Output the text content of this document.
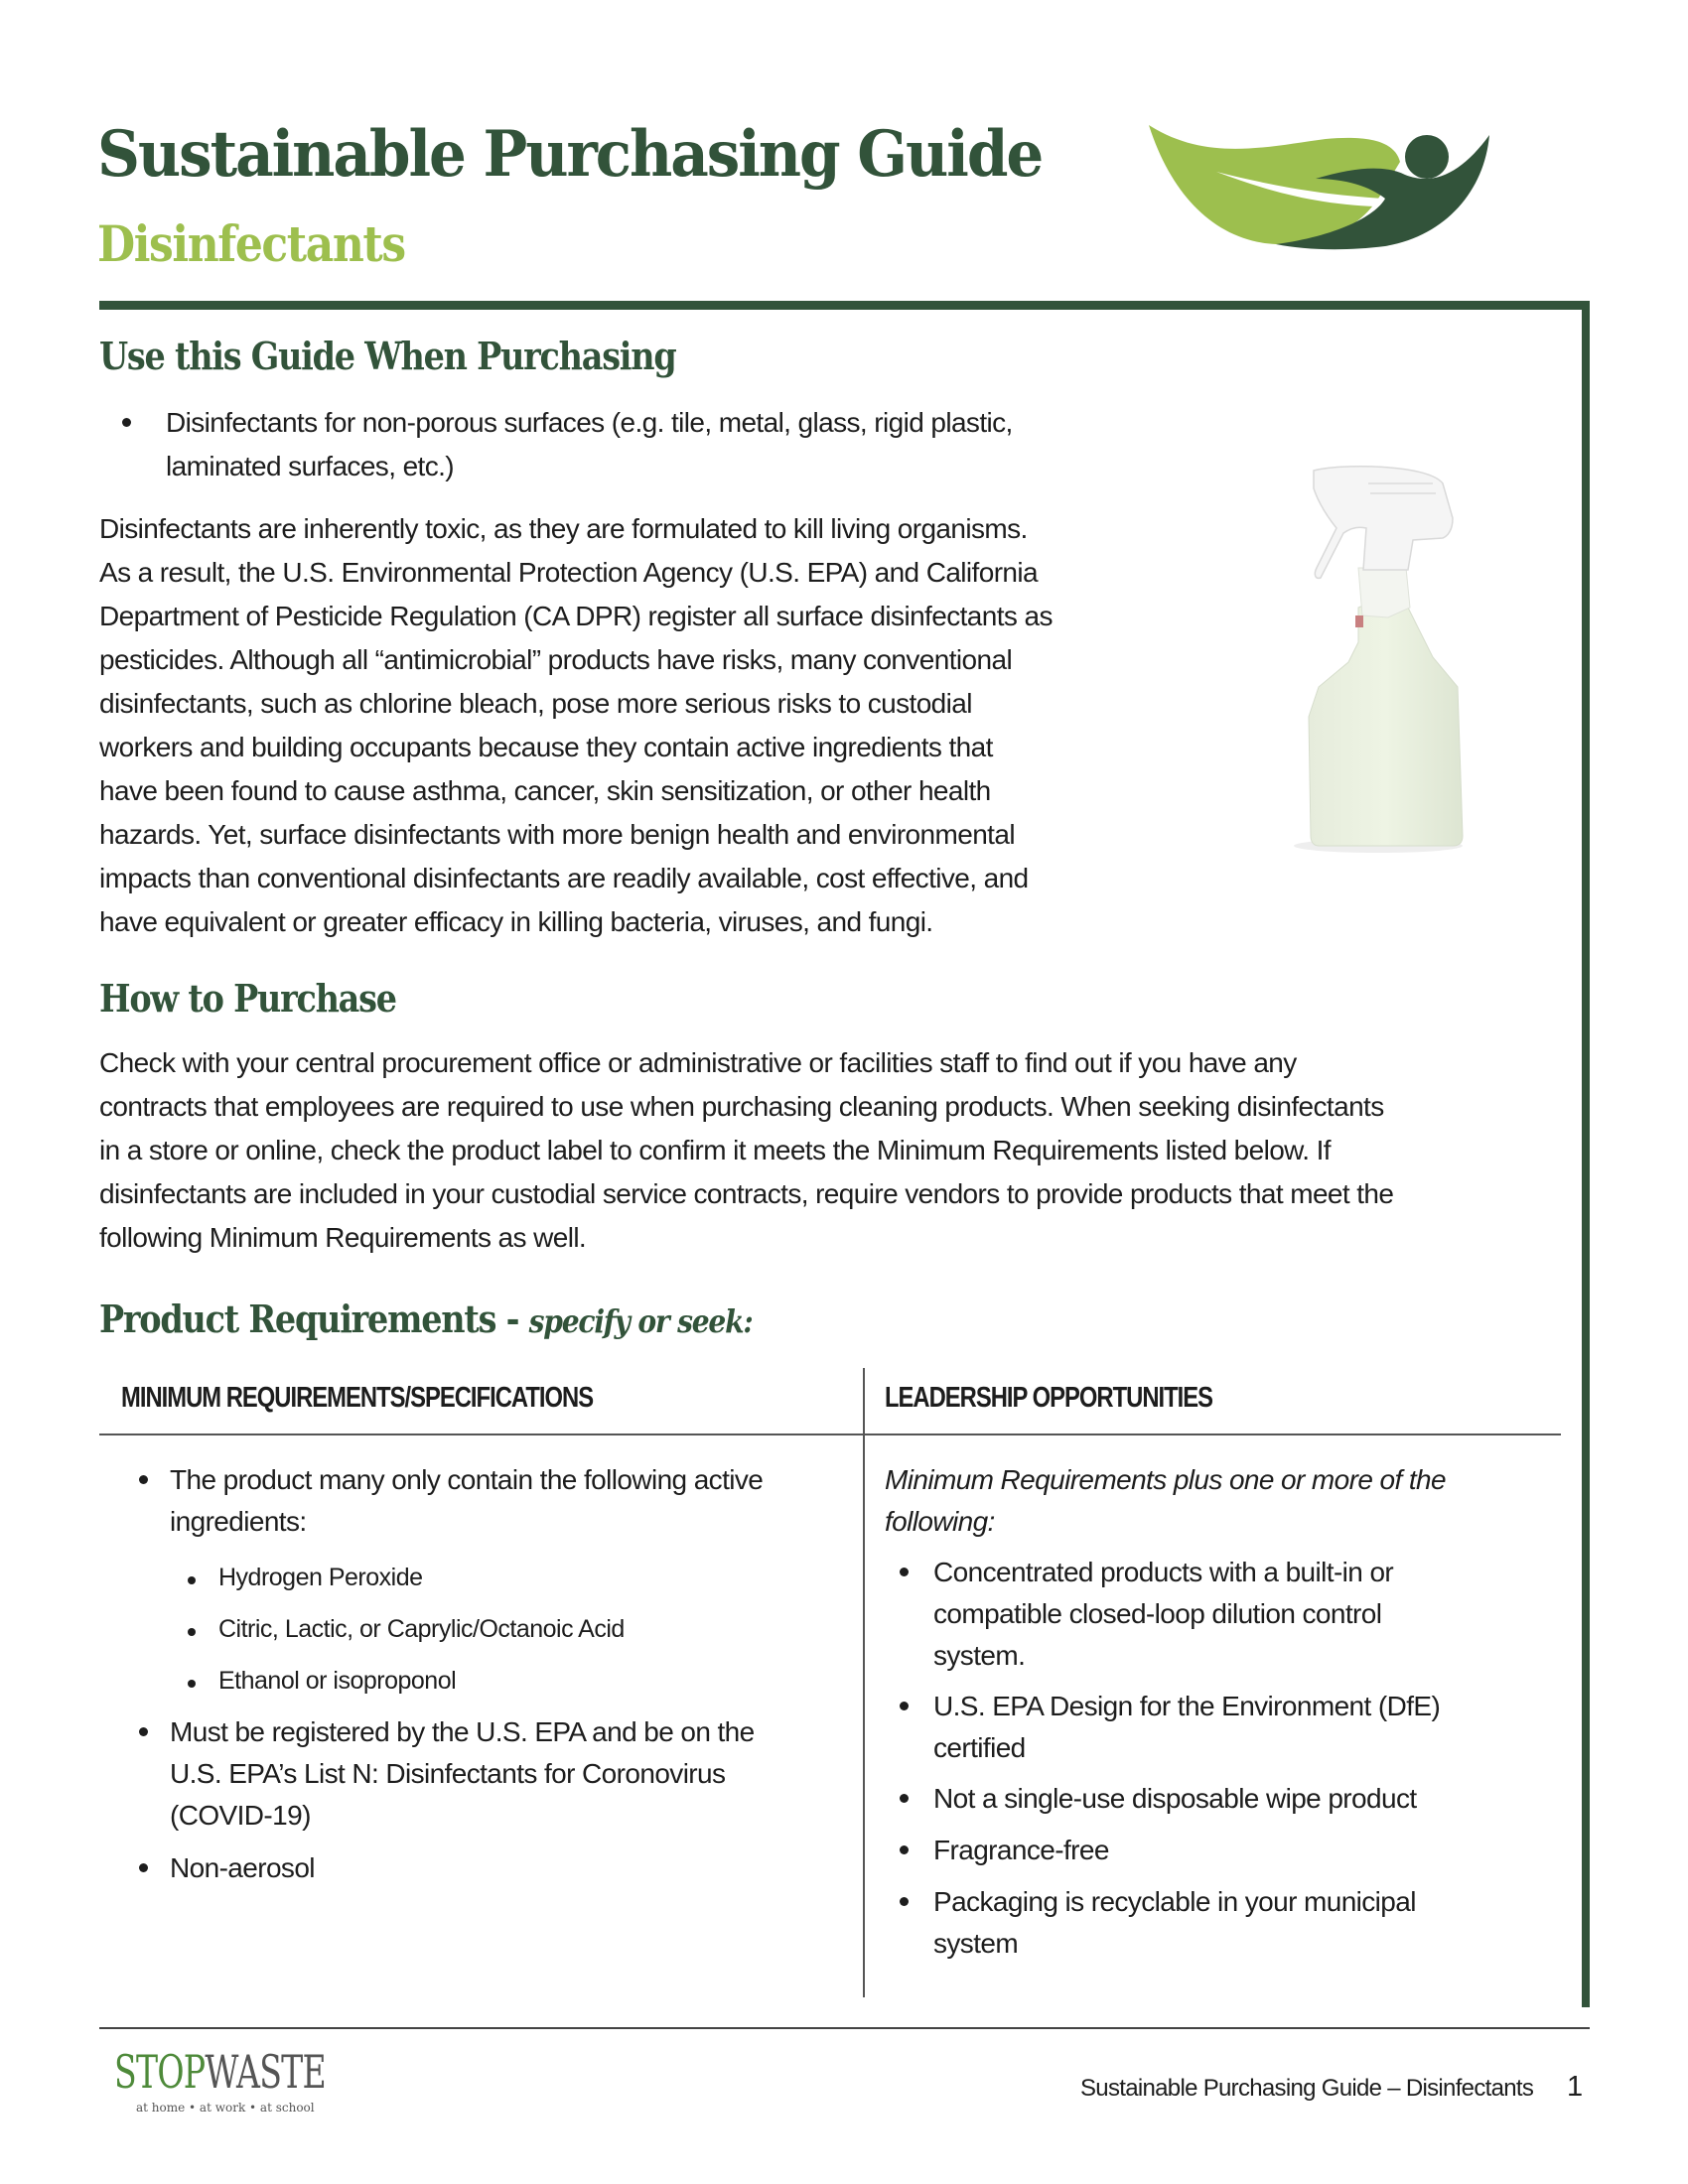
Sustainable Purchasing Guide
Disinfectants
Use this Guide When Purchasing
Disinfectants for non-porous surfaces (e.g. tile, metal, glass, rigid plastic,
laminated surfaces, etc.)
Disinfectants are inherently toxic, as they are formulated to kill living organisms.
As a result, the U.S. Environmental Protection Agency (U.S. EPA) and California
Department of Pesticide Regulation (CA DPR) register all surface disinfectants as
pesticides. Although all “antimicrobial” products have risks, many conventional
disinfectants, such as chlorine bleach, pose more serious risks to custodial
workers and building occupants because they contain active ingredients that
have been found to cause asthma, cancer, skin sensitization, or other health
hazards. Yet, surface disinfectants with more benign health and environmental
impacts than conventional disinfectants are readily available, cost effective, and
have equivalent or greater efficacy in killing bacteria, viruses, and fungi.
How to Purchase
Check with your central procurement office or administrative or facilities staff to find out if you have any
contracts that employees are required to use when purchasing cleaning products. When seeking disinfectants
in a store or online, check the product label to confirm it meets the Minimum Requirements listed below. If
disinfectants are included in your custodial service contracts, require vendors to provide products that meet the
following Minimum Requirements as well.
Product Requirements - specify or seek:
MINIMUM REQUIREMENTS/SPECIFICATIONS	LEADERSHIP OPPORTUNITIES
The product many only contain the following active
ingredients:
Hydrogen Peroxide
Citric, Lactic, or Caprylic/Octanoic Acid
Ethanol or isoproponol
Must be registered by the U.S. EPA and be on the
U.S. EPA’s List N: Disinfectants for Coronovirus
(COVID-19)
Non-aerosol
Minimum Requirements plus one or more of the
following:
Concentrated products with a built-in or
compatible closed-loop dilution control
system.
U.S. EPA Design for the Environment (DfE)
certified
Not a single-use disposable wipe product
Fragrance-free
Packaging is recyclable in your municipal
system
STOPWASTE
at home • at work • at school
Sustainable Purchasing Guide – Disinfectants 1
